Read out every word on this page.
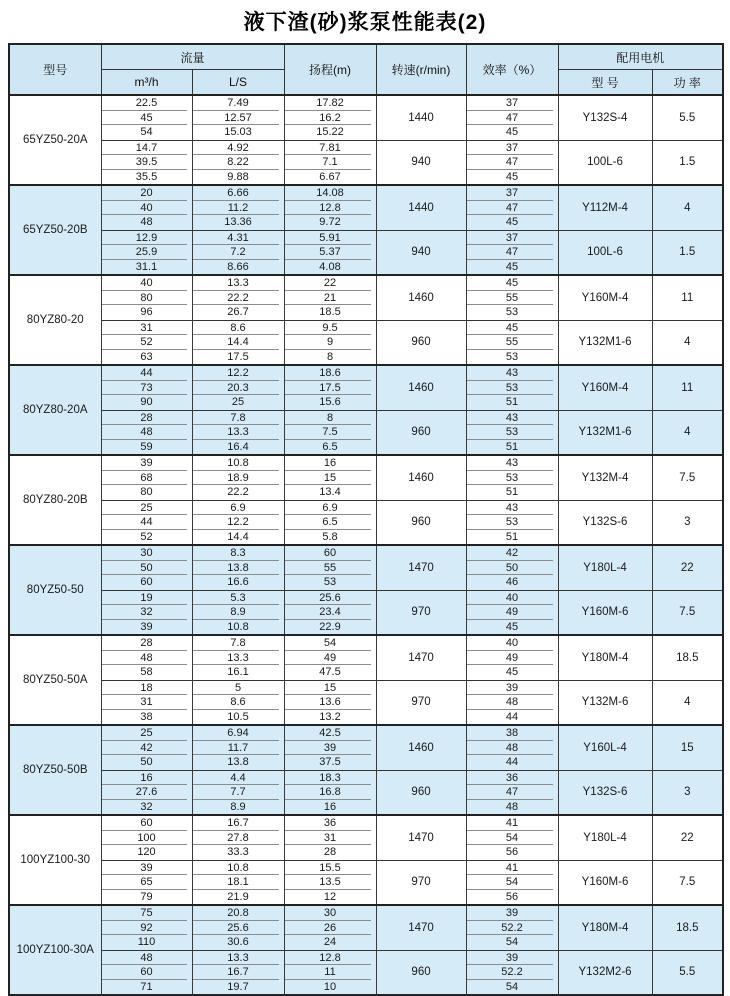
液下渣(砂)浆泵性能表(2)
型号	流量		扬程(m)	转速(r/min)	效率（%）	配用电机	
	m³/h	L/S				型 号	功 率
65YZ50-20A	22.5	7.49	17.82	1440	37	Y132S-4	5.5
	45	12.57	16.2		47		
	54	15.03	15.22		45		
	14.7	4.92	7.81	940	37	100L-6	1.5
	39.5	8.22	7.1		47		
	35.5	9.88	6.67		45		
65YZ50-20B	20	6.66	14.08	1440	37	Y112M-4	4
	40	11.2	12.8		47		
	48	13.36	9.72		45		
	12.9	4.31	5.91	940	37	100L-6	1.5
	25.9	7.2	5.37		47		
	31.1	8.66	4.08		45		
80YZ80-20	40	13.3	22	1460	45	Y160M-4	11
	80	22.2	21		55		
	96	26.7	18.5		53		
	31	8.6	9.5	960	45	Y132M1-6	4
	52	14.4	9		55		
	63	17.5	8		53		
80YZ80-20A	44	12.2	18.6	1460	43	Y160M-4	11
	73	20.3	17.5		53		
	90	25	15.6		51		
	28	7.8	8	960	43	Y132M1-6	4
	48	13.3	7.5		53		
	59	16.4	6.5		51		
80YZ80-20B	39	10.8	16	1460	43	Y132M-4	7.5
	68	18.9	15		53		
	80	22.2	13.4		51		
	25	6.9	6.9	960	43	Y132S-6	3
	44	12.2	6.5		53		
	52	14.4	5.8		51		
80YZ50-50	30	8.3	60	1470	42	Y180L-4	22
	50	13.8	55		50		
	60	16.6	53		46		
	19	5.3	25.6	970	40	Y160M-6	7.5
	32	8.9	23.4		49		
	39	10.8	22.9		45		
80YZ50-50A	28	7.8	54	1470	40	Y180M-4	18.5
	48	13.3	49		49		
	58	16.1	47.5		45		
	18	5	15	970	39	Y132M-6	4
	31	8.6	13.6		48		
	38	10.5	13.2		44		
80YZ50-50B	25	6.94	42.5	1460	38	Y160L-4	15
	42	11.7	39		48		
	50	13.8	37.5		44		
	16	4.4	18.3	960	36	Y132S-6	3
	27.6	7.7	16.8		47		
	32	8.9	16		48		
100YZ100-30	60	16.7	36	1470	41	Y180L-4	22
	100	27.8	31		54		
	120	33.3	28		56		
	39	10.8	15.5	970	41	Y160M-6	7.5
	65	18.1	13.5		54		
	79	21.9	12		56		
100YZ100-30A	75	20.8	30	1470	39	Y180M-4	18.5
	92	25.6	26		52.2		
	110	30.6	24		54		
	48	13.3	12.8	960	39	Y132M2-6	5.5
	60	16.7	11		52.2		
	71	19.7	10		54		
